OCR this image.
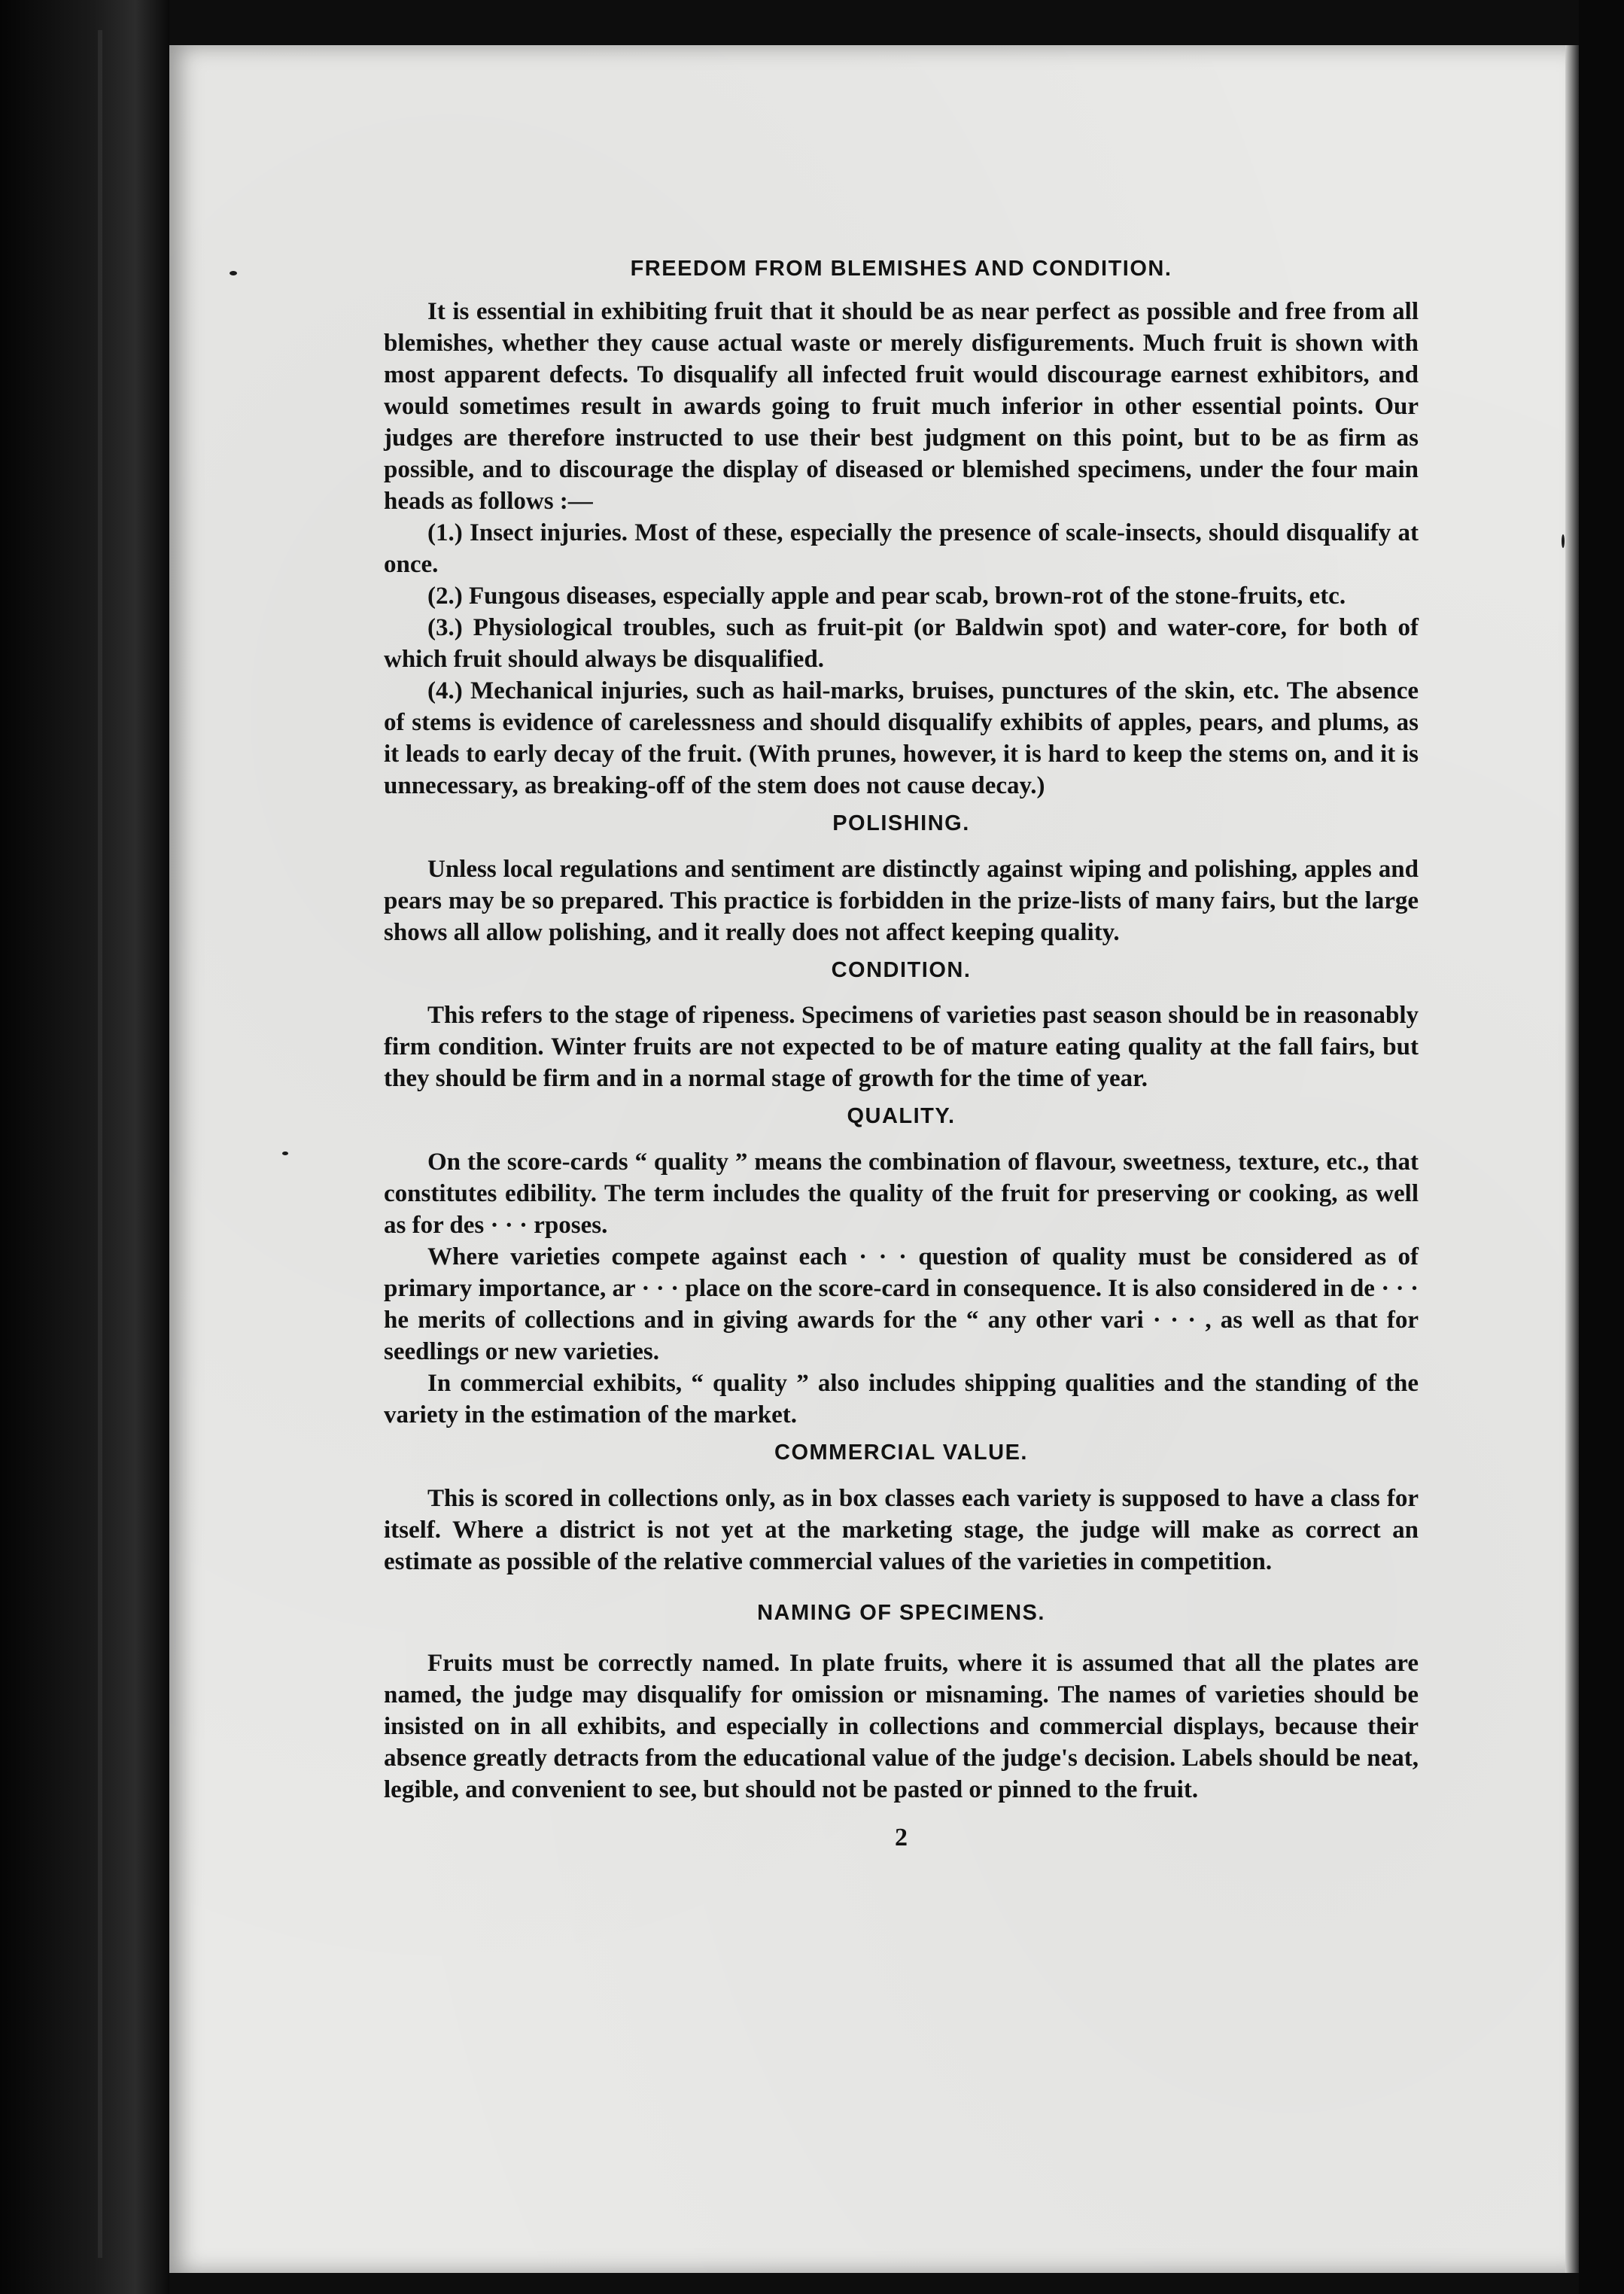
FREEDOM FROM BLEMISHES AND CONDITION.

It is essential in exhibiting fruit that it should be as near perfect as possible and free from all blemishes, whether they cause actual waste or merely disfigurements. Much fruit is shown with most apparent defects. To disqualify all infected fruit would discourage earnest exhibitors, and would sometimes result in awards going to fruit much inferior in other essential points. Our judges are therefore instructed to use their best judgment on this point, but to be as firm as possible, and to discourage the display of diseased or blemished specimens, under the four main heads as follows :—

(1.) Insect injuries. Most of these, especially the presence of scale-insects, should disqualify at once.

(2.) Fungous diseases, especially apple and pear scab, brown-rot of the stone-fruits, etc.

(3.) Physiological troubles, such as fruit-pit (or Baldwin spot) and water-core, for both of which fruit should always be disqualified.

(4.) Mechanical injuries, such as hail-marks, bruises, punctures of the skin, etc. The absence of stems is evidence of carelessness and should disqualify exhibits of apples, pears, and plums, as it leads to early decay of the fruit. (With prunes, however, it is hard to keep the stems on, and it is unnecessary, as breaking-off of the stem does not cause decay.)

POLISHING.

Unless local regulations and sentiment are distinctly against wiping and polishing, apples and pears may be so prepared. This practice is forbidden in the prize-lists of many fairs, but the large shows all allow polishing, and it really does not affect keeping quality.

CONDITION.

This refers to the stage of ripeness. Specimens of varieties past season should be in reasonably firm condition. Winter fruits are not expected to be of mature eating quality at the fall fairs, but they should be firm and in a normal stage of growth for the time of year.

QUALITY.

On the score-cards “ quality ” means the combination of flavour, sweetness, texture, etc., that constitutes edibility. The term includes the quality of the fruit for preserving or cooking, as well as for des · · · rposes.

Where varieties compete against each · · · question of quality must be considered as of primary importance, ar · · · place on the score-card in consequence. It is also considered in de · · · he merits of collections and in giving awards for the “ any other vari · · · , as well as that for seedlings or new varieties.

In commercial exhibits, “ quality ” also includes shipping qualities and the standing of the variety in the estimation of the market.

COMMERCIAL VALUE.

This is scored in collections only, as in box classes each variety is supposed to have a class for itself. Where a district is not yet at the marketing stage, the judge will make as correct an estimate as possible of the relative commercial values of the varieties in competition.

NAMING OF SPECIMENS.

Fruits must be correctly named. In plate fruits, where it is assumed that all the plates are named, the judge may disqualify for omission or misnaming. The names of varieties should be insisted on in all exhibits, and especially in collections and commercial displays, because their absence greatly detracts from the educational value of the judge's decision. Labels should be neat, legible, and convenient to see, but should not be pasted or pinned to the fruit.

2
